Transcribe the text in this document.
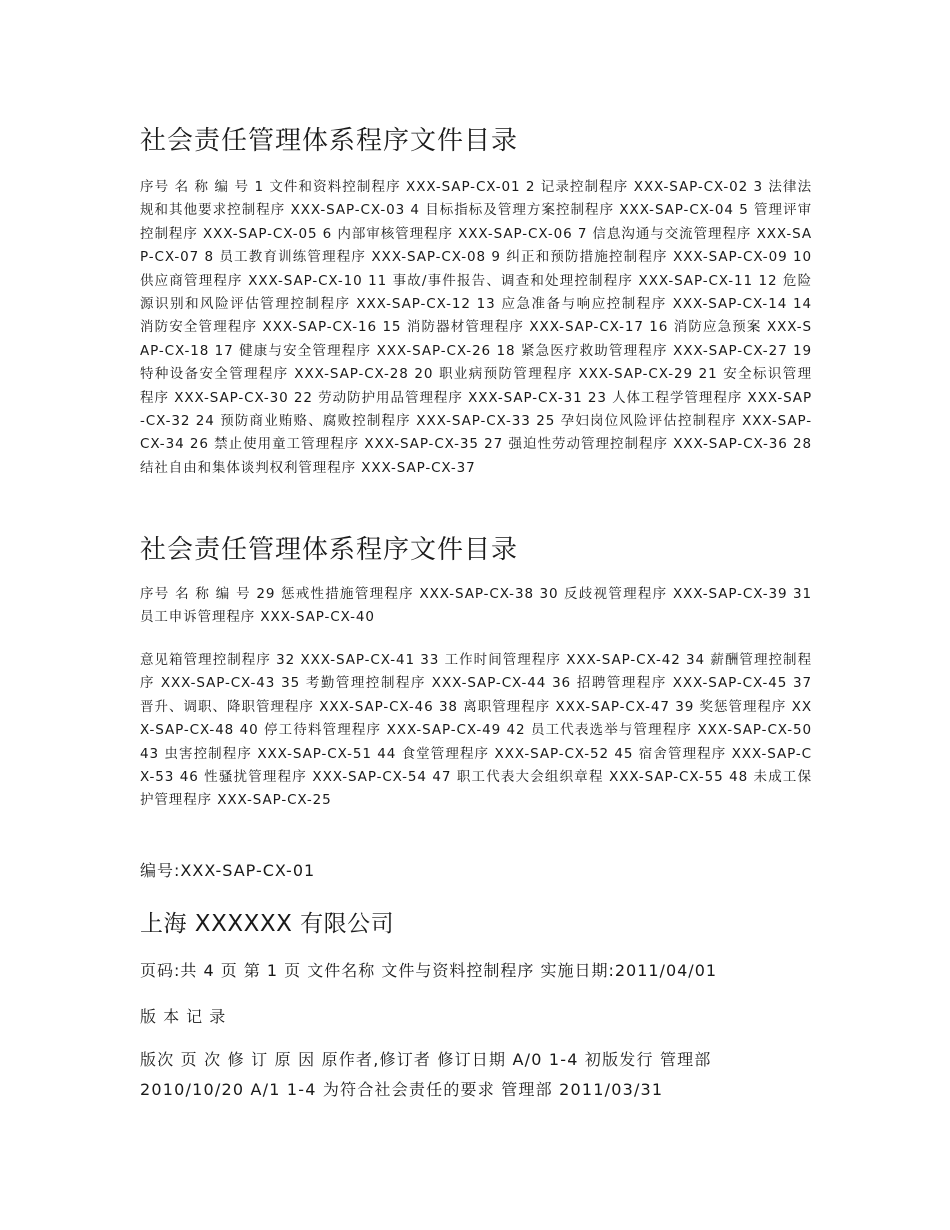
社会责任管理体系程序文件目录

序号 名 称 编 号 1 文件和资料控制程序 XXX-SAP-CX-01 2 记录控制程序 XXX-SAP-CX-02 3 法律法规和其他要求控制程序 XXX-SAP-CX-03 4 目标指标及管理方案控制程序 XXX-SAP-CX-04 5 管理评审控制程序 XXX-SAP-CX-05 6 内部审核管理程序 XXX-SAP-CX-06 7 信息沟通与交流管理程序 XXX-SAP-CX-07 8 员工教育训练管理程序 XXX-SAP-CX-08 9 纠正和预防措施控制程序 XXX-SAP-CX-09 10 供应商管理程序 XXX-SAP-CX-10 11 事故/事件报告、调查和处理控制程序 XXX-SAP-CX-11 12 危险源识别和风险评估管理控制程序 XXX-SAP-CX-12 13 应急准备与响应控制程序 XXX-SAP-CX-14 14 消防安全管理程序 XXX-SAP-CX-16 15 消防器材管理程序 XXX-SAP-CX-17 16 消防应急预案 XXX-SAP-CX-18 17 健康与安全管理程序 XXX-SAP-CX-26 18 紧急医疗救助管理程序 XXX-SAP-CX-27 19 特种设备安全管理程序 XXX-SAP-CX-28 20 职业病预防管理程序 XXX-SAP-CX-29 21 安全标识管理程序 XXX-SAP-CX-30 22 劳动防护用品管理程序 XXX-SAP-CX-31 23 人体工程学管理程序 XXX-SAP-CX-32 24 预防商业贿赂、腐败控制程序 XXX-SAP-CX-33 25 孕妇岗位风险评估控制程序 XXX-SAP-CX-34 26 禁止使用童工管理程序 XXX-SAP-CX-35 27 强迫性劳动管理控制程序 XXX-SAP-CX-36 28 结社自由和集体谈判权利管理程序 XXX-SAP-CX-37

社会责任管理体系程序文件目录

序号 名 称 编 号 29 惩戒性措施管理程序 XXX-SAP-CX-38 30 反歧视管理程序 XXX-SAP-CX-39 31 员工申诉管理程序 XXX-SAP-CX-40

意见箱管理控制程序 32 XXX-SAP-CX-41 33 工作时间管理程序 XXX-SAP-CX-42 34 薪酬管理控制程序 XXX-SAP-CX-43 35 考勤管理控制程序 XXX-SAP-CX-44 36 招聘管理程序 XXX-SAP-CX-45 37 晋升、调职、降职管理程序 XXX-SAP-CX-46 38 离职管理程序 XXX-SAP-CX-47 39 奖惩管理程序 XXX-SAP-CX-48 40 停工待料管理程序 XXX-SAP-CX-49 42 员工代表选举与管理程序 XXX-SAP-CX-50 43 虫害控制程序 XXX-SAP-CX-51 44 食堂管理程序 XXX-SAP-CX-52 45 宿舍管理程序 XXX-SAP-CX-53 46 性骚扰管理程序 XXX-SAP-CX-54 47 职工代表大会组织章程 XXX-SAP-CX-55 48 未成工保护管理程序 XXX-SAP-CX-25

编号:XXX-SAP-CX-01

上海 XXXXXX 有限公司

页码:共 4 页 第 1 页 文件名称 文件与资料控制程序 实施日期:2011/04/01

版 本 记 录

版次 页 次 修 订 原 因 原作者,修订者 修订日期 A/0 1-4 初版发行 管理部 2010/10/20 A/1 1-4 为符合社会责任的要求 管理部 2011/03/31
